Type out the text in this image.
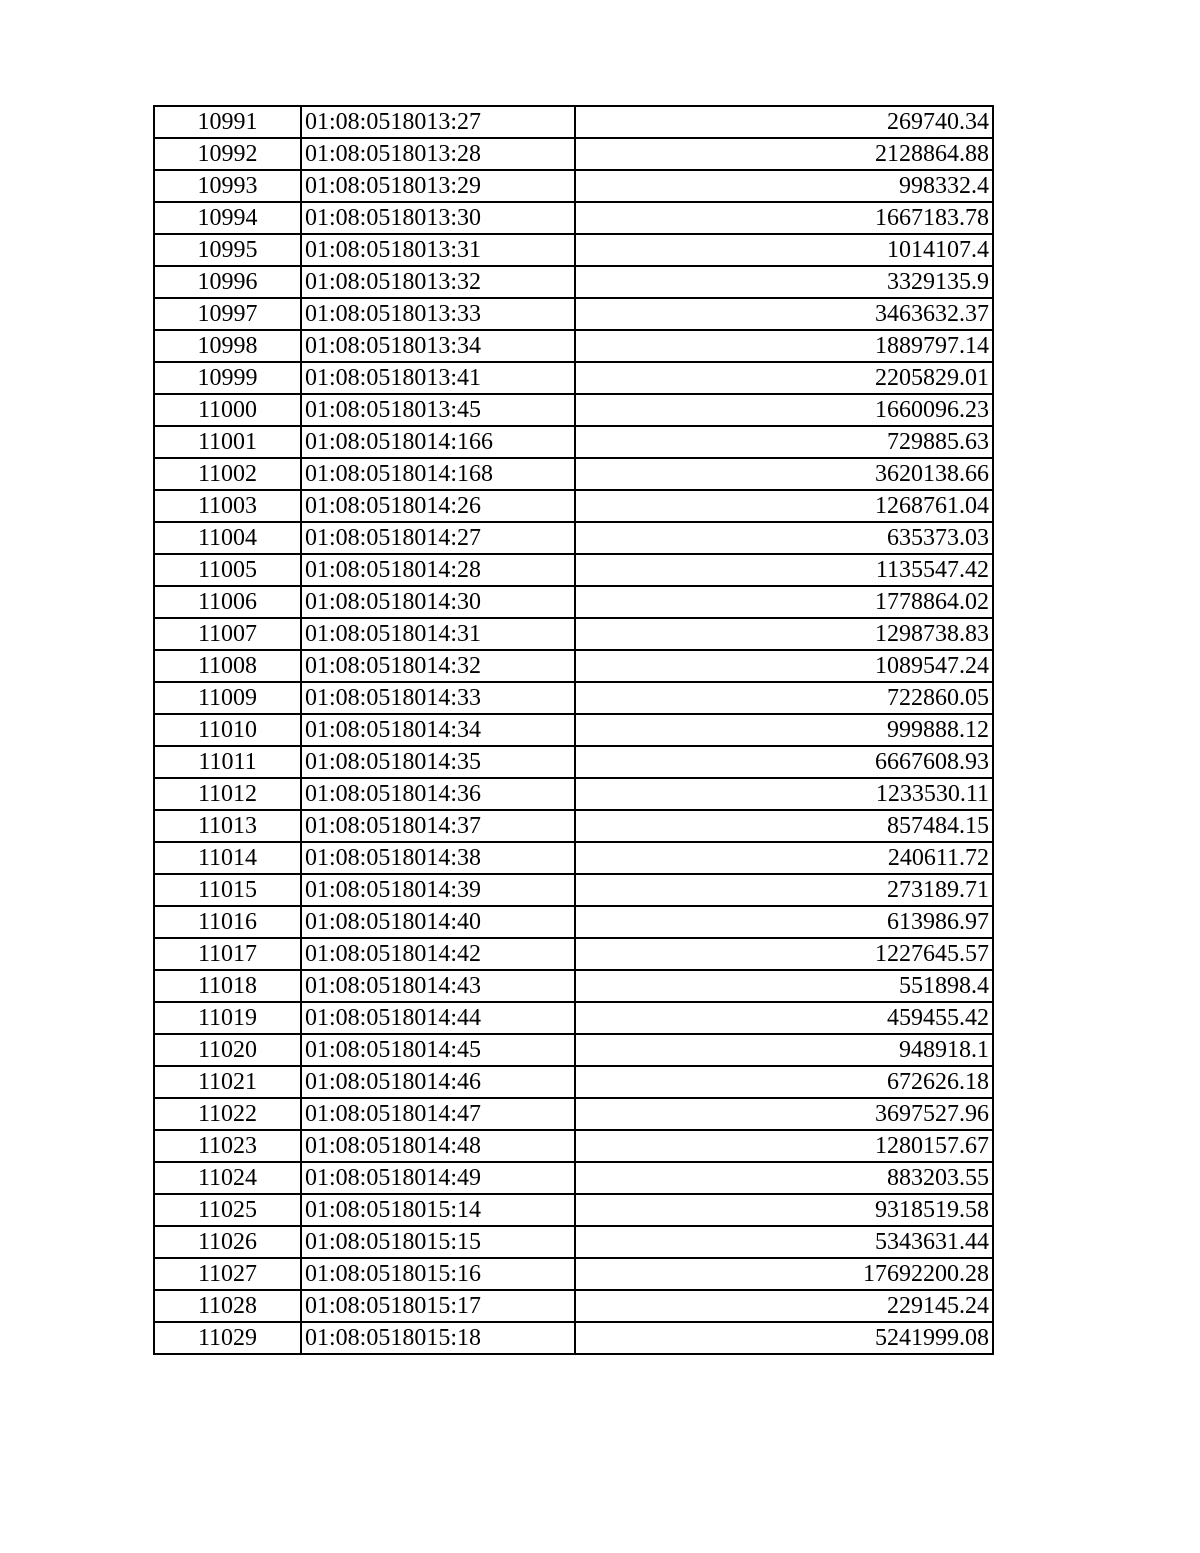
10991	01:08:0518013:27	269740.34
10992	01:08:0518013:28	2128864.88
10993	01:08:0518013:29	998332.4
10994	01:08:0518013:30	1667183.78
10995	01:08:0518013:31	1014107.4
10996	01:08:0518013:32	3329135.9
10997	01:08:0518013:33	3463632.37
10998	01:08:0518013:34	1889797.14
10999	01:08:0518013:41	2205829.01
11000	01:08:0518013:45	1660096.23
11001	01:08:0518014:166	729885.63
11002	01:08:0518014:168	3620138.66
11003	01:08:0518014:26	1268761.04
11004	01:08:0518014:27	635373.03
11005	01:08:0518014:28	1135547.42
11006	01:08:0518014:30	1778864.02
11007	01:08:0518014:31	1298738.83
11008	01:08:0518014:32	1089547.24
11009	01:08:0518014:33	722860.05
11010	01:08:0518014:34	999888.12
11011	01:08:0518014:35	6667608.93
11012	01:08:0518014:36	1233530.11
11013	01:08:0518014:37	857484.15
11014	01:08:0518014:38	240611.72
11015	01:08:0518014:39	273189.71
11016	01:08:0518014:40	613986.97
11017	01:08:0518014:42	1227645.57
11018	01:08:0518014:43	551898.4
11019	01:08:0518014:44	459455.42
11020	01:08:0518014:45	948918.1
11021	01:08:0518014:46	672626.18
11022	01:08:0518014:47	3697527.96
11023	01:08:0518014:48	1280157.67
11024	01:08:0518014:49	883203.55
11025	01:08:0518015:14	9318519.58
11026	01:08:0518015:15	5343631.44
11027	01:08:0518015:16	17692200.28
11028	01:08:0518015:17	229145.24
11029	01:08:0518015:18	5241999.08
